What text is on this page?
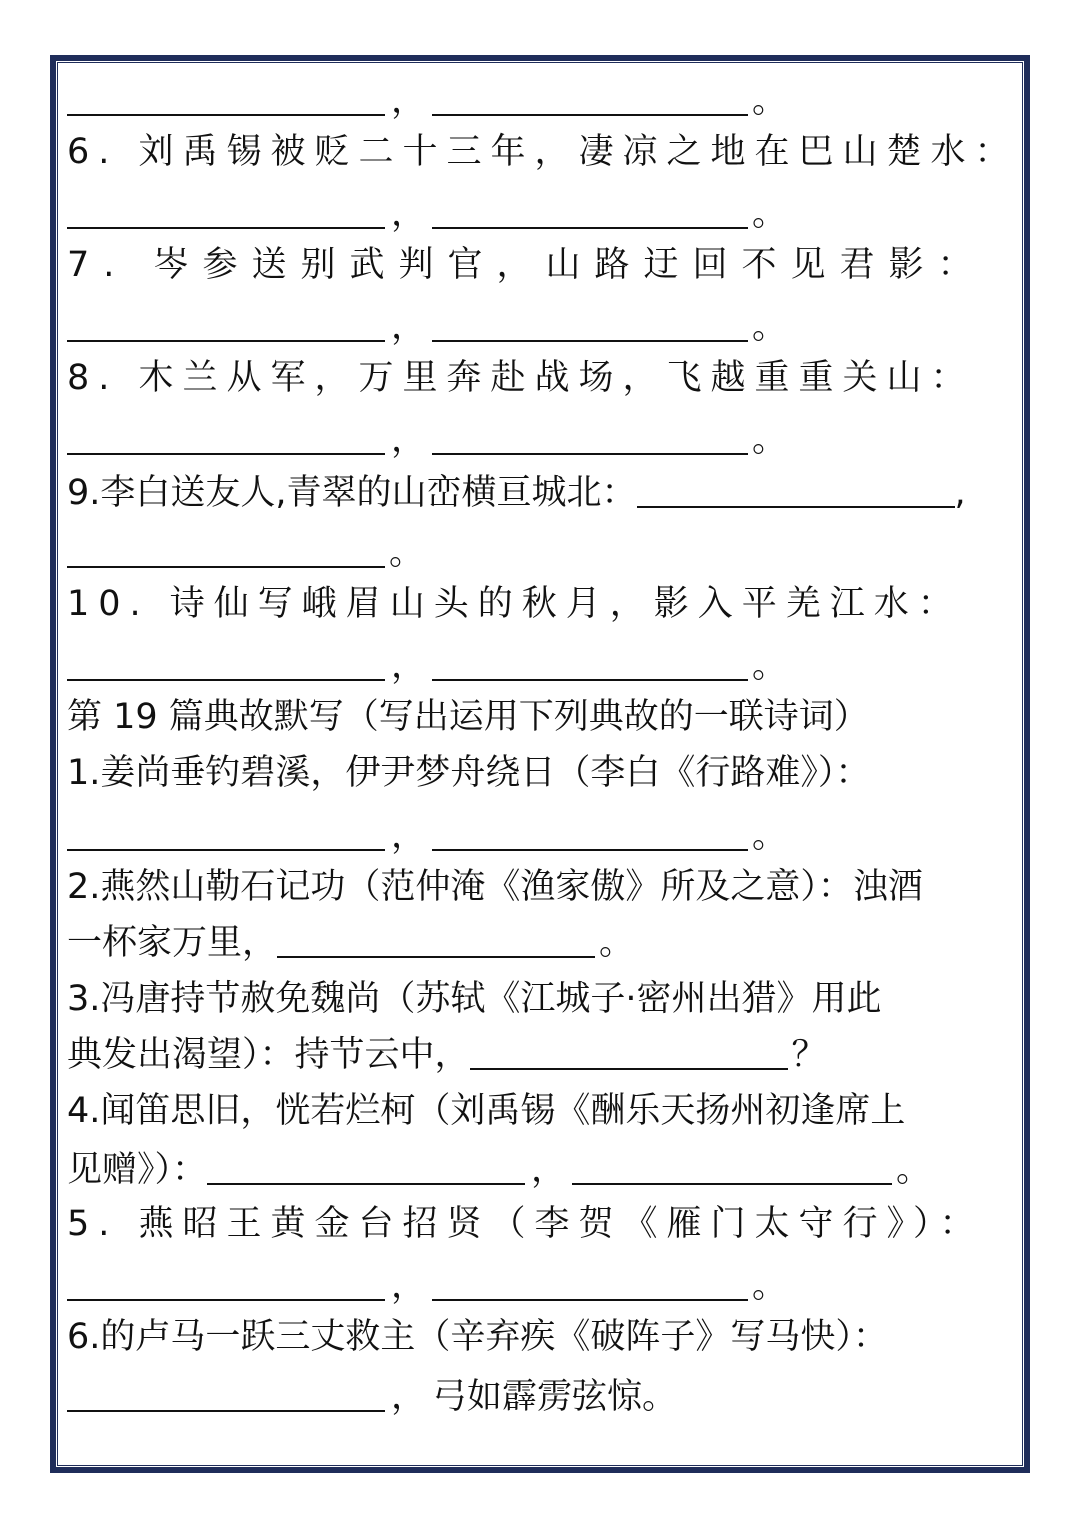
，	。
6. 刘禹锡被贬二十三年，凄凉之地在巴山楚水：
，	。
7. 岑参送别武判官，山路迂回不见君影：
，	。
8. 木兰从军，万里奔赴战场，飞越重重关山：
，	。
9.李白送友人,青翠的山峦横亘城北：	,
。
10. 诗仙写峨眉山头的秋月，影入平羌江水：
，	。
第 19 篇典故默写（写出运用下列典故的一联诗词）
1.姜尚垂钓碧溪，伊尹梦舟绕日（李白《行路难》）：
，	。
2.燕然山勒石记功（范仲淹《渔家傲》所及之意）：浊酒
一杯家万里，	。
3.冯唐持节赦免魏尚（苏轼《江城子·密州出猎》用此
典发出渴望）：持节云中，	？
4.闻笛思旧，恍若烂柯（刘禹锡《酬乐天扬州初逢席上
见赠》）：	，	。
5. 燕昭王黄金台招贤（李贺《雁门太守行》）：
，	。
6.的卢马一跃三丈救主（辛弃疾《破阵子》写马快）：
， 弓如霹雳弦惊。
